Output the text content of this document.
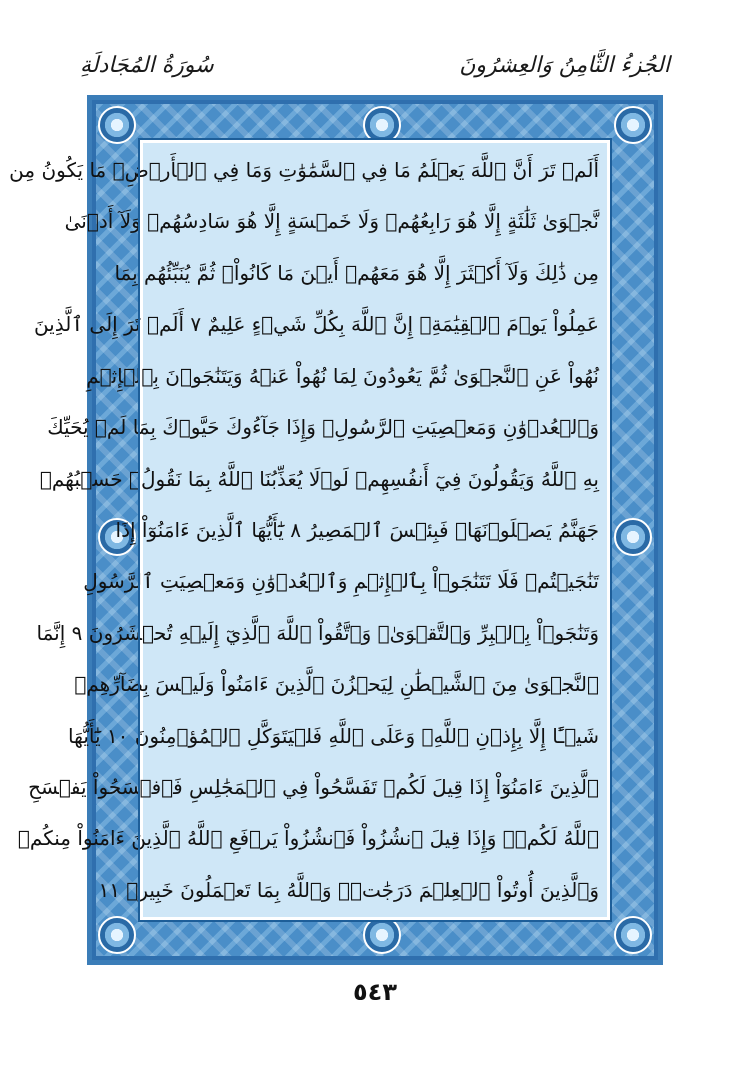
الجُزءُ الثَّامِنُ وَالعِشرُونَ
سُورَةُ المُجَادلَةِ
أَلَمۡ تَرَ أَنَّ ٱللَّهَ يَعۡلَمُ مَا فِي ٱلسَّمَٰوَٰتِ وَمَا فِي ٱلۡأَرۡضِۖ مَا يَكُونُ مِن
نَّجۡوَىٰ ثَلَٰثَةٍ إِلَّا هُوَ رَابِعُهُمۡ وَلَا خَمۡسَةٍ إِلَّا هُوَ سَادِسُهُمۡ وَلَآ أَدۡنَىٰ
مِن ذَٰلِكَ وَلَآ أَكۡثَرَ إِلَّا هُوَ مَعَهُمۡ أَيۡنَ مَا كَانُواْۖ ثُمَّ يُنَبِّئُهُم بِمَا
عَمِلُواْ يَوۡمَ ٱلۡقِيَٰمَةِۚ إِنَّ ٱللَّهَ بِكُلِّ شَيۡءٍ عَلِيمٌ ٧ أَلَمۡ تَرَ إِلَى ٱلَّذِينَ
نُهُواْ عَنِ ٱلنَّجۡوَىٰ ثُمَّ يَعُودُونَ لِمَا نُهُواْ عَنۡهُ وَيَتَنَٰجَوۡنَ بِٱلۡإِثۡمِ
وَٱلۡعُدۡوَٰنِ وَمَعۡصِيَتِ ٱلرَّسُولِۖ وَإِذَا جَآءُوكَ حَيَّوۡكَ بِمَا لَمۡ يُحَيِّكَ
بِهِ ٱللَّهُ وَيَقُولُونَ فِيٓ أَنفُسِهِمۡ لَوۡلَا يُعَذِّبُنَا ٱللَّهُ بِمَا نَقُولُۚ حَسۡبُهُمۡ
جَهَنَّمُ يَصۡلَوۡنَهَاۖ فَبِئۡسَ ٱلۡمَصِيرُ ٨ يَٰٓأَيُّهَا ٱلَّذِينَ ءَامَنُوٓاْ إِذَا
تَنَٰجَيۡتُمۡ فَلَا تَتَنَٰجَوۡاْ بِٱلۡإِثۡمِ وَٱلۡعُدۡوَٰنِ وَمَعۡصِيَتِ ٱلرَّسُولِ
وَتَنَٰجَوۡاْ بِٱلۡبِرِّ وَٱلتَّقۡوَىٰۖ وَٱتَّقُواْ ٱللَّهَ ٱلَّذِيٓ إِلَيۡهِ تُحۡشَرُونَ ٩ إِنَّمَا
ٱلنَّجۡوَىٰ مِنَ ٱلشَّيۡطَٰنِ لِيَحۡزُنَ ٱلَّذِينَ ءَامَنُواْ وَلَيۡسَ بِضَآرِّهِمۡ
شَيۡـًٔا إِلَّا بِإِذۡنِ ٱللَّهِۚ وَعَلَى ٱللَّهِ فَلۡيَتَوَكَّلِ ٱلۡمُؤۡمِنُونَ ١٠ يَٰٓأَيُّهَا
ٱلَّذِينَ ءَامَنُوٓاْ إِذَا قِيلَ لَكُمۡ تَفَسَّحُواْ فِي ٱلۡمَجَٰلِسِ فَٱفۡسَحُواْ يَفۡسَحِ
ٱللَّهُ لَكُمۡۖ وَإِذَا قِيلَ ٱنشُزُواْ فَٱنشُزُواْ يَرۡفَعِ ٱللَّهُ ٱلَّذِينَ ءَامَنُواْ مِنكُمۡ
وَٱلَّذِينَ أُوتُواْ ٱلۡعِلۡمَ دَرَجَٰتٖۚ وَٱللَّهُ بِمَا تَعۡمَلُونَ خَبِيرٞ ١١
٥٤٣
